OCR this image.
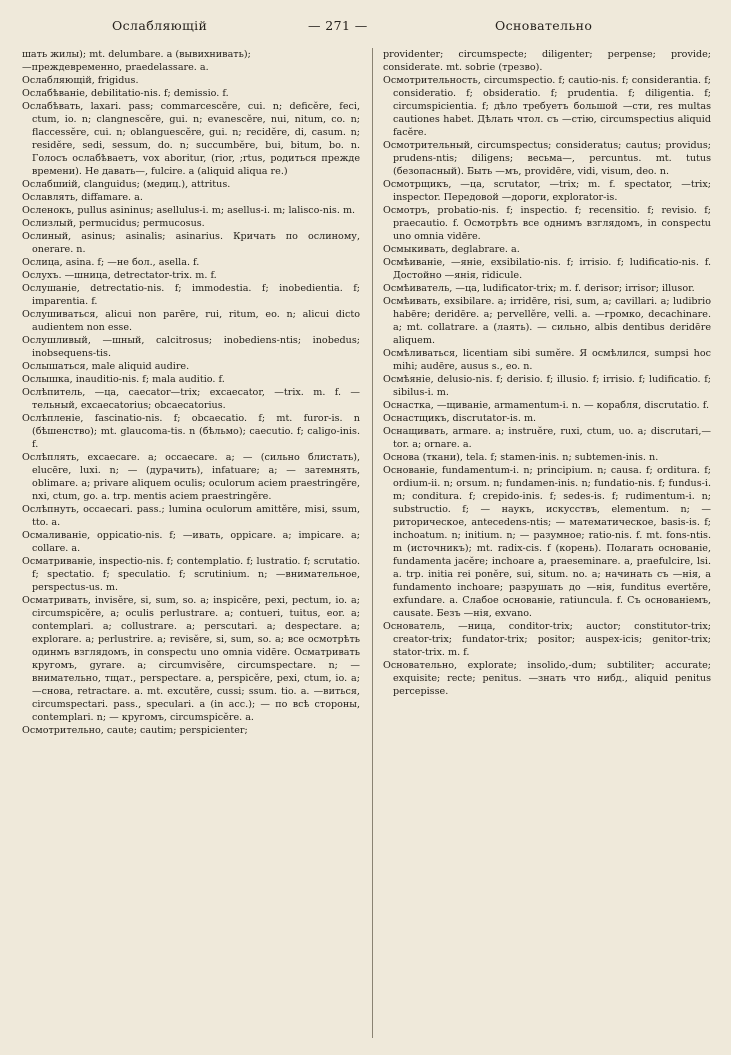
Ослабляющій	— 271 —	Основательно

шать жилы); mt. delumbare. a (вывихнивать);

—преждевременно, praedelassare. a.

Ослабляющій, frigidus.

Ослабѣваніе, debilitatio-nis. f; demissio. f.

Ослабѣвать, laxari. pass; commarcescĕre, cui. n; deficĕre, feci, ctum, io. n; clangnescĕre, gui. n; evanescĕre, nui, nitum, co. n; flaccessĕre, cui. n; oblanguescĕre, gui. n; recidĕre, di, casum. n; residĕre, sedi, sessum, do. n; succumbĕre, bui, bitum, bo. n. Голосъ ослабѣваетъ, vox aboritur, (rior, ;rtus, родиться прежде времени). Не давать—, fulcire. a (aliquid aliqua re.)

Ослабшиій, clanguidus; (медиц.), attritus.

Ославлять, diffamare. a.

Осленокъ, pullus asininus; asellulus-i. m; asellus-i. m; lalisco-nis. m.

Ослизлый, permucidus; permucosus.

Ослиный, asinus; asinalis; asinarius. Кричать по ослиному, onerare. n.

Ослица, asina. f; —не бол., asella. f.

Ослухъ. —шница, detrectator-trix. m. f.

Ослушаніе, detrectatio-nis. f; immodestia. f; inobedientia. f; imparentia. f.

Ослушиваться, alicui non parēre, rui, ritum, eo. n; alicui dicto audientem non esse.

Ослушливый, —шный, calcitrosus; inobediens-ntis; inobedus; inobsequens-tis.

Ослышаться, male aliquid audire.

Ослышка, inauditio-nis. f; mala auditio. f.

Ослѣпитель, —ца, caecator—trix; excaecator, —trix. m. f. —тельный, excaecatorius; obcaecatorius.

Ослѣпленіе, fascinatio-nis. f; obcaecatio. f; mt. furor-is. n (бѣшенство); mt. glaucoma-tis. n (бѣльмо); caecutio. f; caligo-inis. f.

Ослѣплять, excaecare. a; occaecare. a; — (сильно блистать), elucēre, luxi. n; — (дурачить), infatuare; a; — затемнять, oblimare. a; privare aliquem oculis; oculorum aciem praestringĕre, nxi, ctum, go. a. trp. mentis aciem praestringĕre.

Ослѣпнуть, occaecari. pass.; lumina oculorum amittĕre, misi, ssum, tto. a.

Осмаливаніе, oppicatio-nis. f; —ивать, oppicare. a; impicare. a; collare. a.

Осматриваніе, inspectio-nis. f; contemplatio. f; lustratio. f; scrutatio. f; spectatio. f; speculatio. f; scrutinium. n; —внимательное, perspectus-us. m.

Осматривать, invisĕre, si, sum, so. a; inspicĕre, pexi, pectum, io. a; circumspicĕre, a; oculis perlustrare. a; contueri, tuitus, eor. a; contemplari. a; collustrare. a; perscutari. a; despectare. a; explorare. a; perlustrire. a; revisĕre, si, sum, so. a; все осмотрѣть одинмъ взглядомъ, in conspectu uno omnia vidēre. Осматривать кругомъ, gyrare. a; circumvisĕre, circumspectare. n; —внимательно, тщат., perspectare. a, perspicĕre, pexi, ctum, io. a; —снова, retractare. a. mt. excutĕre, cussi; ssum. tio. a. —виться, circumspectari. pass., speculari. a (in acc.); — по всѣ стороны, contemplari. n; — кругомъ, circumspicĕre. a.

Осмотрительно, caute; cautim; perspicienter;

providenter; circumspecte; diligenter; perpense; provide; considerate. mt. sobrie (трезво).

Осмотрительность, circumspectio. f; cautio-nis. f; considerantia. f; consideratio. f; obsideratio. f; prudentia. f; diligentia. f; circumspicientia. f; дѣло требуетъ большой —сти, res multas cautiones habet. Дѣлать чтол. съ —стію, circumspectius aliquid facĕre.

Осмотрительный, circumspectus; consideratus; cautus; providus; prudens-ntis; diligens; весьма—, percuntus. mt. tutus (безопасный). Быть —мъ, providēre, vidi, visum, deo. n.

Осмотрщикъ, —ца, scrutator, —trix; m. f. spectator, —trix; inspector. Передовой —дороги, explorator-is.

Осмотръ, probatio-nis. f; inspectio. f; recensitio. f; revisio. f; praecautio. f. Осмотрѣть все однимъ взглядомъ, in conspectu uno omnia vidēre.

Осмыкивать, deglabrare. a.

Осмѣиваніе, —яніе, exsibilatio-nis. f; irrisio. f; ludificatio-nis. f. Достойно —янія, ridicule.

Осмѣиватель, —ца, ludificator-trix; m. f. derisor; irrisor; illusor.

Осмѣивать, exsibilare. a; irridēre, risi, sum, a; cavillari. a; ludibrio habēre; deridēre. a; pervellĕre, velli. a. —громко, decachinare. a; mt. collatrare. a (лаять). — сильно, albis dentibus deridēre aliquem.

Осмѣливаться, licentiam sibi sumĕre. Я осмѣлился, sumpsi hoc mihi; audēre, ausus s., eo. n.

Осмѣяніе, delusio-nis. f; derisio. f; illusio. f; irrisio. f; ludificatio. f; sibilus-i. m.

Оснастка, —щиваніе, armamentum-i. n. — корабля, discrutatio. f.

Оснастщикъ, discrutator-is. m.

Оснащивать, armare. a; instruĕre, ruxi, ctum, uo. a; discrutari,—tor. a; ornare. a.

Основа (ткани), tela. f; stamen-inis. n; subtemen-inis. n.

Основаніе, fundamentum-i. n; principium. n; causa. f; orditura. f; ordium-ii. n; orsum. n; fundamen-inis. n; fundatio-nis. f; fundus-i. m; conditura. f; crepido-inis. f; sedes-is. f; rudimentum-i. n; substructio. f; — наукъ, искусствъ, elementum. n; — риторическое, antecedens-ntis; — математическое, basis-is. f; inchoatum. n; initium. n; — разумное; ratio-nis. f. mt. fons-ntis. m (источникъ); mt. radix-cis. f (корень). Полагать основаніе, fundamenta jacĕre; inchoare a, praeseminare. a, praefulcire, lsi. a. trp. initia rei ponĕre, sui, situm. no. a; начинать съ —нія, a fundamento inchoare; разрушать до —нія, funditus evertĕre, exfundare. a. Слабое основаніе, ratiuncula. f. Съ основаніемъ, causate. Безъ —нія, exvano.

Основатель, —ница, conditor-trix; auctor; constitutor-trix; creator-trix; fundator-trix; positor; auspex-icis; genitor-trix; stator-trix. m. f.

Основательно, explorate; insolido,-dum; subtiliter; accurate; exquisite; recte; penitus. —знать что нибд., aliquid penitus percepisse.
